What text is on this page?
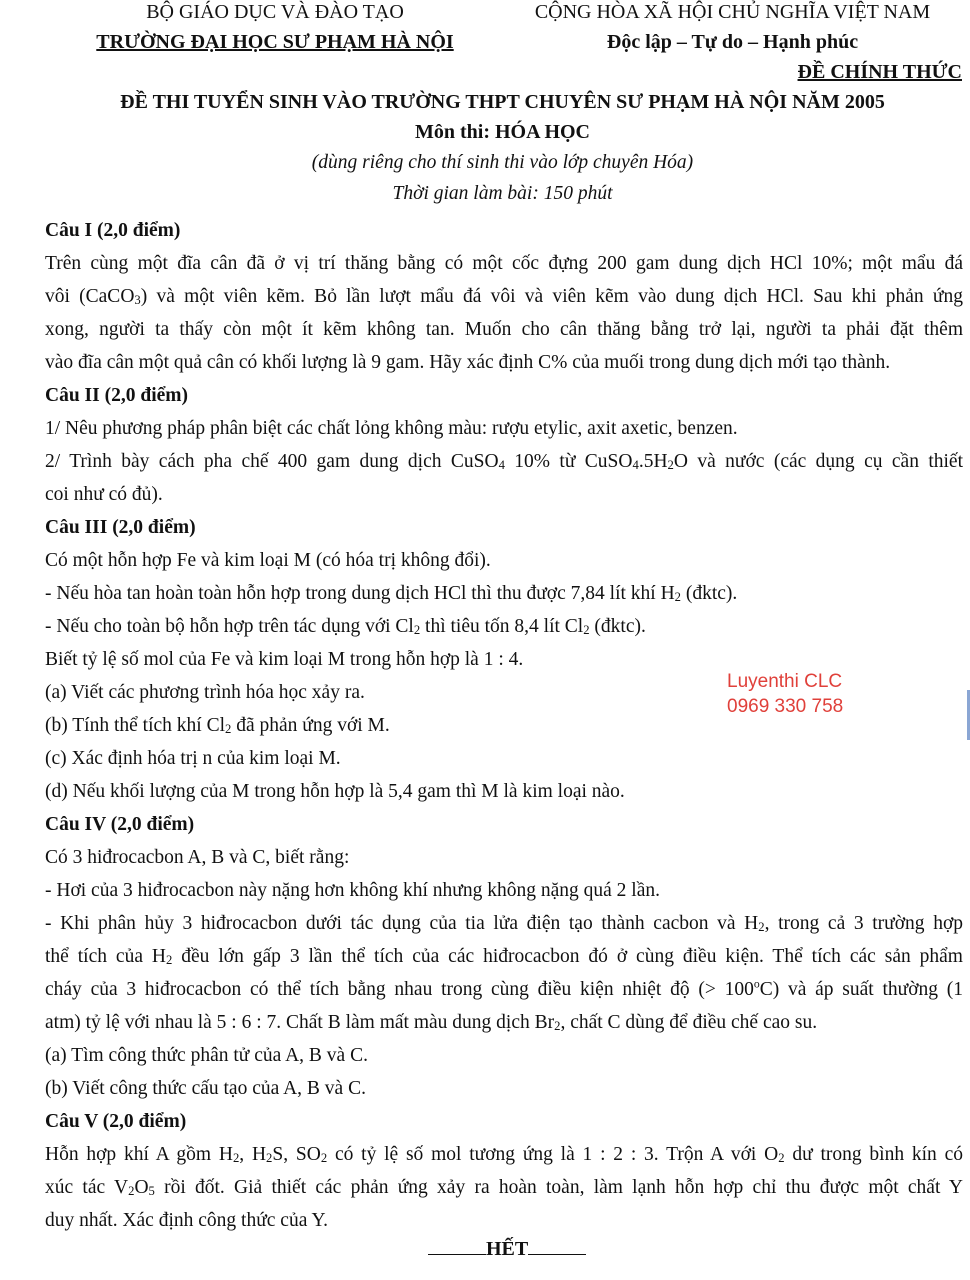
BỘ GIÁO DỤC VÀ ĐÀO TẠO
TRƯỜNG ĐẠI HỌC SƯ PHẠM HÀ NỘI
CỘNG HÒA XÃ HỘI CHỦ NGHĨA VIỆT NAM
Độc lập – Tự do – Hạnh phúc
ĐỀ CHÍNH THỨC
ĐỀ THI TUYỂN SINH VÀO TRƯỜNG THPT CHUYÊN SƯ PHẠM HÀ NỘI NĂM 2005
Môn thi: HÓA HỌC
(dùng riêng cho thí sinh thi vào lớp chuyên Hóa)
Thời gian làm bài: 150 phút
Câu I (2,0 điểm)
Trên cùng một đĩa cân đã ở vị trí thăng bằng có một cốc đựng 200 gam dung dịch HCl 10%; một mẩu đá
vôi (CaCO$_3$) và một viên kẽm. Bỏ lần lượt mẩu đá vôi và viên kẽm vào dung dịch HCl. Sau khi phản ứng
xong, người ta thấy còn một ít kẽm không tan. Muốn cho cân thăng bằng trở lại, người ta phải đặt thêm
vào đĩa cân một quả cân có khối lượng là 9 gam. Hãy xác định C% của muối trong dung dịch mới tạo thành.
Câu II (2,0 điểm)
1/ Nêu phương pháp phân biệt các chất lỏng không màu: rượu etylic, axit axetic, benzen.
2/ Trình bày cách pha chế 400 gam dung dịch CuSO$_4$ 10% từ $CuSO_4.5H_2O$ và nước (các dụng cụ cần thiết
coi như có đủ).
Câu III (2,0 điểm)
Có một hỗn hợp Fe và kim loại M (có hóa trị không đổi).
- Nếu hòa tan hoàn toàn hỗn hợp trong dung dịch HCl thì thu được 7,84 lít khí $H_2$ (đktc).
- Nếu cho toàn bộ hỗn hợp trên tác dụng với $Cl_2$ thì tiêu tốn 8,4 lít $Cl_2$ (đktc).
Biết tỷ lệ số mol của Fe và kim loại M trong hỗn hợp là 1 : 4.
(a) Viết các phương trình hóa học xảy ra.
(b) Tính thể tích khí $Cl_2$ đã phản ứng với M.
(c) Xác định hóa trị n của kim loại M.
(d) Nếu khối lượng của M trong hỗn hợp là 5,4 gam thì M là kim loại nào.
Câu IV (2,0 điểm)
Có 3 hiđrocacbon A, B và C, biết rằng:
- Hơi của 3 hiđrocacbon này nặng hơn không khí nhưng không nặng quá 2 lần.
- Khi phân hủy 3 hiđrocacbon dưới tác dụng của tia lửa điện tạo thành cacbon và $H_2$, trong cả 3 trường hợp
thể tích của $H_2$ đều lớn gấp 3 lần thể tích của các hiđrocacbon đó ở cùng điều kiện. Thể tích các sản phẩm
cháy của 3 hiđrocacbon có thể tích bằng nhau trong cùng điều kiện nhiệt độ (> $100^oC$) và áp suất thường (1
atm) tỷ lệ với nhau là 5 : 6 : 7. Chất B làm mất màu dung dịch $Br_2$, chất C dùng để điều chế cao su.
(a) Tìm công thức phân tử của A, B và C.
(b) Viết công thức cấu tạo của A, B và C.
Câu V (2,0 điểm)
Hỗn hợp khí A gồm $H_2$, $H_2S$, $SO_2$ có tỷ lệ số mol tương ứng là 1 : 2 : 3. Trộn A với $O_2$ dư trong bình kín có
xúc tác $V_2O_5$ rồi đốt. Giả thiết các phản ứng xảy ra hoàn toàn, làm lạnh hỗn hợp chỉ thu được một chất Y
duy nhất. Xác định công thức của Y.
Luyenthi CLC
0969 330 758
HẾT
